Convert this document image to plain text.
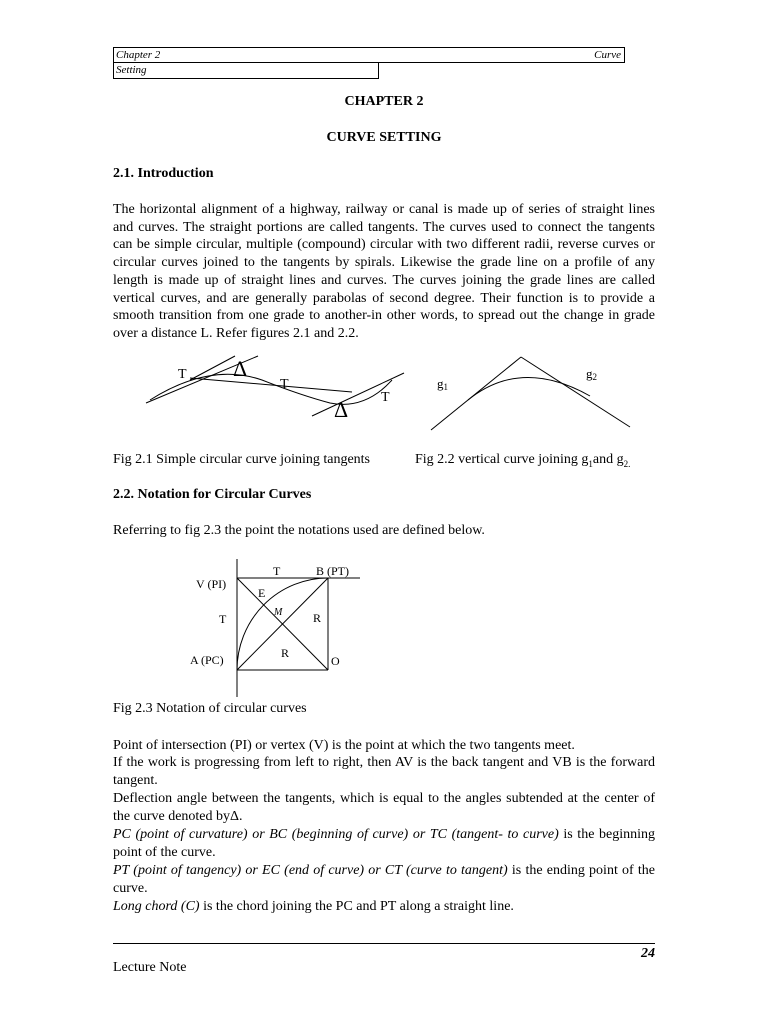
Chapter 2	Curve
Setting
CHAPTER 2
CURVE SETTING
2.1. Introduction
The horizontal alignment of a highway, railway or canal is made up of series of straight lines and curves. The straight portions are called tangents. The curves used to connect the tangents can be simple circular, multiple (compound) circular with two different radii, reverse curves or circular curves joined to the tangents by spirals. Likewise the grade line on a profile of any length is made up of straight lines and curves. The curves joining the grade lines are called vertical curves, and are generally parabolas of second degree. Their function is to provide a smooth transition from one grade to another-in other words, to spread out the change in grade over a distance L. Refer figures 2.1 and 2.2.
T Δ
T
Δ T
g1
g2
V (PI)
T	B (PT)
E
M
T	R
A (PC)	R
O
Fig 2.1 Simple circular curve joining tangents	Fig 2.2 vertical curve joining $g_1and$ $g_{2.}$
2.2. Notation for Circular Curves
Referring to fig 2.3 the point the notations used are defined below.
Fig 2.3 Notation of circular curves
Point of intersection (PI) or vertex (V) is the point at which the two tangents meet.
If the work is progressing from left to right, then AV is the back tangent and VB is the forward tangent.
Deflection angle between the tangents, which is equal to the angles subtended at the center of the curve denoted byΔ.
PC (point of curvature) or BC (beginning of curve) or TC (tangent- to curve) is the beginning point of the curve.
PT (point of tangency) or EC (end of curve) or CT (curve to tangent) is the ending point of the curve.
Long chord (C) is the chord joining the PC and PT along a straight line.
24
Lecture Note
